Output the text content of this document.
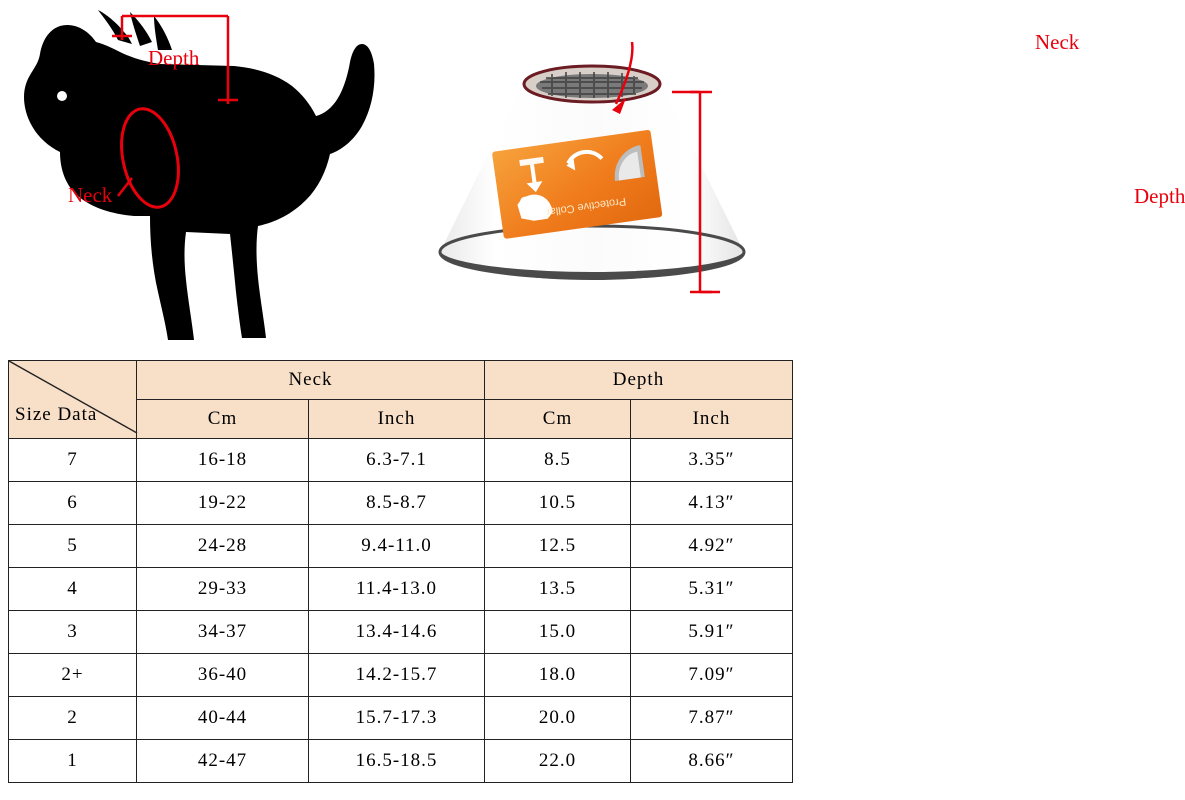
Depth
Neck	Protective Collar
Neck
Depth
Size Data	Neck		Depth	
	Cm	Inch	Cm	Inch
7	16-18	6.3-7.1	8.5	3.35″
6	19-22	8.5-8.7	10.5	4.13″
5	24-28	9.4-11.0	12.5	4.92″
4	29-33	11.4-13.0	13.5	5.31″
3	34-37	13.4-14.6	15.0	5.91″
2+	36-40	14.2-15.7	18.0	7.09″
2	40-44	15.7-17.3	20.0	7.87″
1	42-47	16.5-18.5	22.0	8.66″
